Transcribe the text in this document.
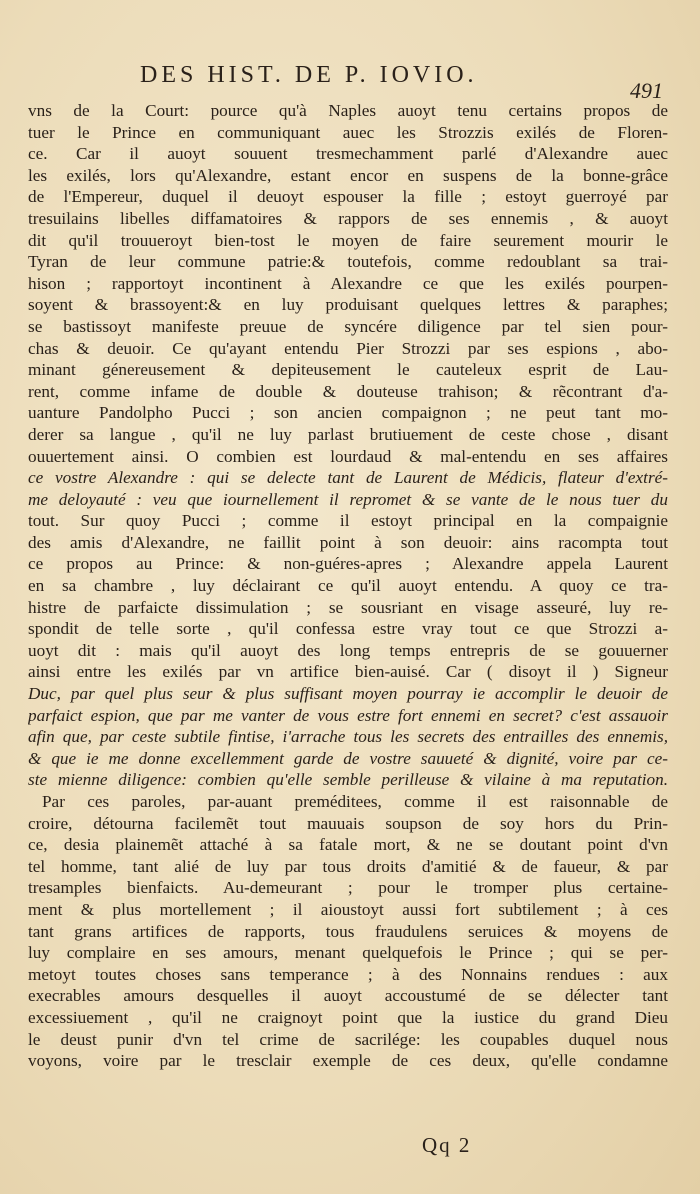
DES HIST. DE P. IOVIO.
491
vns de la Court: pource qu'à Naples auoyt tenu certains propos de
tuer le Prince en communiquant auec les Strozzis exilés de Floren-
ce. Car il auoyt souuent tresmechamment parlé d'Alexandre auec
les exilés, lors qu'Alexandre, estant encor en suspens de la bonne-grâce
de l'Empereur, duquel il deuoyt espouser la fille ; estoyt guerroyé par
tresuilains libelles diffamatoires & rappors de ses ennemis , & auoyt
dit qu'il trouueroyt bien-tost le moyen de faire seurement mourir le
Tyran de leur commune patrie:& toutefois, comme redoublant sa trai-
hison ; rapportoyt incontinent à Alexandre ce que les exilés pourpen-
soyent & brassoyent:& en luy produisant quelques lettres & paraphes;
se bastissoyt manifeste preuue de syncére diligence par tel sien pour-
chas & deuoir. Ce qu'ayant entendu Pier Strozzi par ses espions , abo-
minant génereusement & depiteusement le cauteleux esprit de Lau-
rent, comme infame de double & douteuse trahison; & rẽcontrant d'a-
uanture Pandolpho Pucci ; son ancien compaignon ; ne peut tant mo-
derer sa langue , qu'il ne luy parlast brutiuement de ceste chose , disant
ouuertement ainsi. O combien est lourdaud & mal-entendu en ses affaires
ce vostre Alexandre : qui se delecte tant de Laurent de Médicis, flateur d'extré-
me deloyauté : veu que iournellement il repromet & se vante de le nous tuer du
tout. Sur quoy Pucci ; comme il estoyt principal en la compaignie
des amis d'Alexandre, ne faillit point à son deuoir: ains racompta tout
ce propos au Prince: & non-guéres-apres ; Alexandre appela Laurent
en sa chambre , luy déclairant ce qu'il auoyt entendu. A quoy ce tra-
histre de parfaicte dissimulation ; se sousriant en visage asseuré, luy re-
spondit de telle sorte , qu'il confessa estre vray tout ce que Strozzi a-
uoyt dit : mais qu'il auoyt des long temps entrepris de se gouuerner
ainsi entre les exilés par vn artifice bien-auisé. Car ( disoyt il ) Signeur
Duc, par quel plus seur & plus suffisant moyen pourray ie accomplir le deuoir de
parfaict espion, que par me vanter de vous estre fort ennemi en secret? c'est assauoir
afin que, par ceste subtile fintise, i'arrache tous les secrets des entrailles des ennemis,
& que ie me donne excellemment garde de vostre sauueté & dignité, voire par ce-
ste mienne diligence: combien qu'elle semble perilleuse & vilaine à ma reputation.
Par ces paroles, par-auant preméditees, comme il est raisonnable de
croire, détourna facilemẽt tout mauuais soupson de soy hors du Prin-
ce, desia plainemẽt attaché à sa fatale mort, & ne se doutant point d'vn
tel homme, tant alié de luy par tous droits d'amitié & de faueur, & par
tresamples bienfaicts. Au-demeurant ; pour le tromper plus certaine-
ment & plus mortellement ; il aioustoyt aussi fort subtilement ; à ces
tant grans artifices de rapports, tous fraudulens seruices & moyens de
luy complaire en ses amours, menant quelquefois le Prince ; qui se per-
metoyt toutes choses sans temperance ; à des Nonnains rendues : aux
execrables amours desquelles il auoyt accoustumé de se délecter tant
excessiuement , qu'il ne craignoyt point que la iustice du grand Dieu
le deust punir d'vn tel crime de sacrilége: les coupables duquel nous
voyons, voire par le tresclair exemple de ces deux, qu'elle condamne
Qq 2
